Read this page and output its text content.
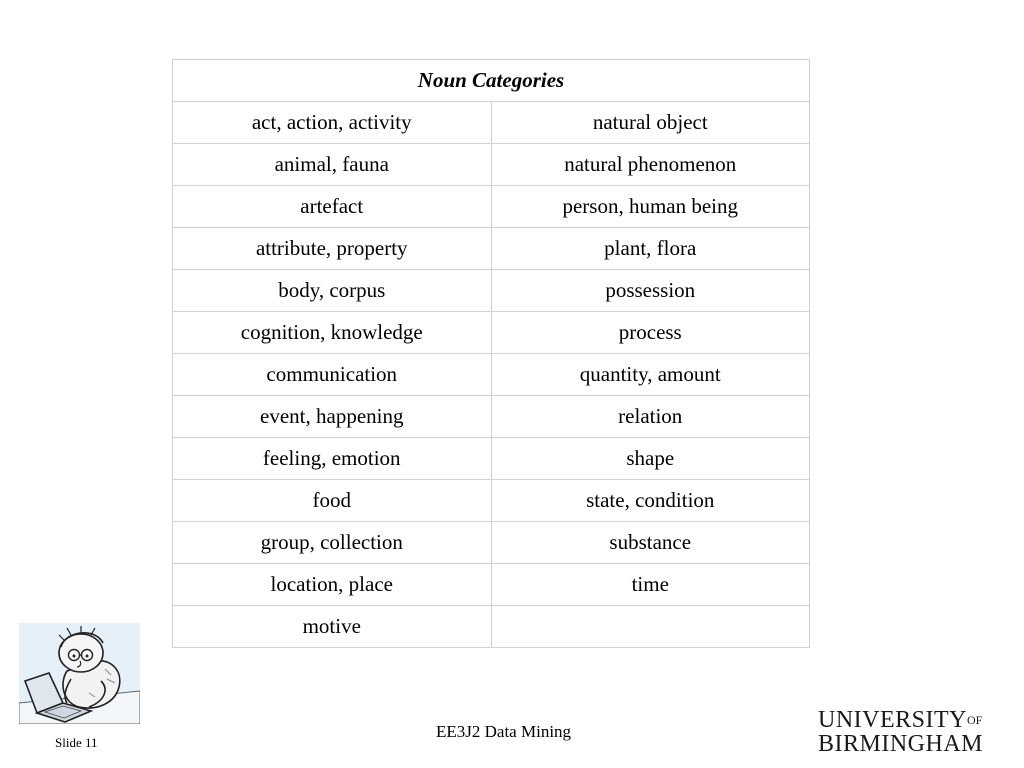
Noun Categories	
act, action, activity	natural object
animal, fauna	natural phenomenon
artefact	person, human being
attribute, property	plant, flora
body, corpus	possession
cognition, knowledge	process
communication	quantity, amount
event, happening	relation
feeling, emotion	shape
food	state, condition
group, collection	substance
location, place	time
motive	
EE3J2 Data Mining
Slide 11
$UNIVERSITY^{OF}$
BIRMINGHAM
